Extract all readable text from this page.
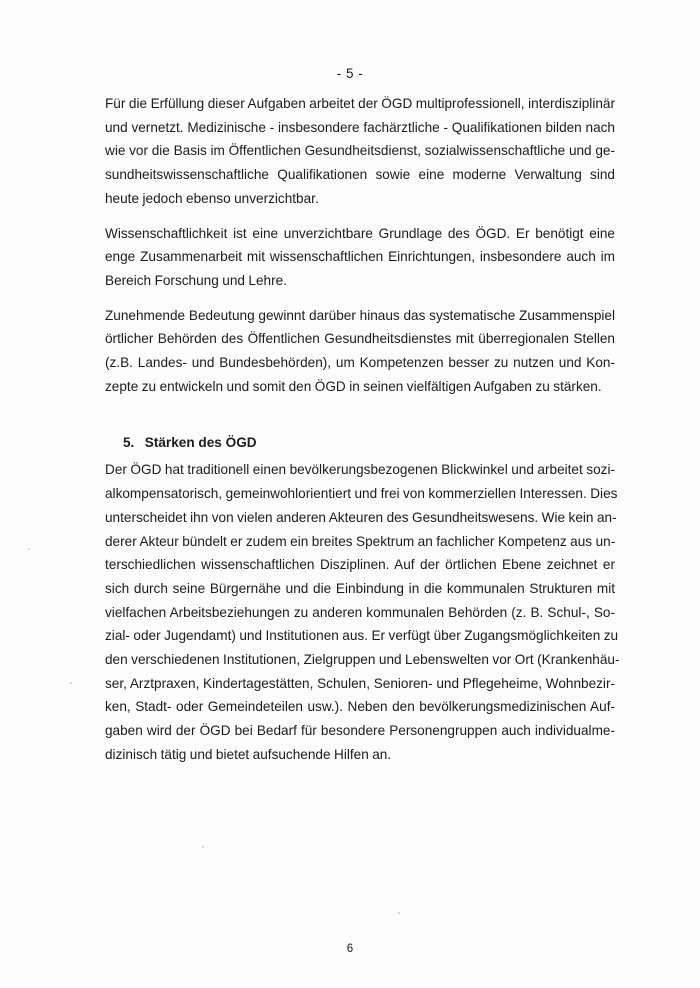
- 5 -
Für die Erfüllung dieser Aufgaben arbeitet der ÖGD multiprofessionell, interdisziplinär
und vernetzt. Medizinische - insbesondere fachärztliche - Qualifikationen bilden nach
wie vor die Basis im Öffentlichen Gesundheitsdienst, sozialwissenschaftliche und ge-
sundheitswissenschaftliche Qualifikationen sowie eine moderne Verwaltung sind
heute jedoch ebenso unverzichtbar.
Wissenschaftlichkeit ist eine unverzichtbare Grundlage des ÖGD. Er benötigt eine
enge Zusammenarbeit mit wissenschaftlichen Einrichtungen, insbesondere auch im
Bereich Forschung und Lehre.
Zunehmende Bedeutung gewinnt darüber hinaus das systematische Zusammenspiel
örtlicher Behörden des Öffentlichen Gesundheitsdienstes mit überregionalen Stellen
(z.B. Landes- und Bundesbehörden), um Kompetenzen besser zu nutzen und Kon-
zepte zu entwickeln und somit den ÖGD in seinen vielfältigen Aufgaben zu stärken.
5. Stärken des ÖGD
Der ÖGD hat traditionell einen bevölkerungsbezogenen Blickwinkel und arbeitet sozi-
alkompensatorisch, gemeinwohlorientiert und frei von kommerziellen Interessen. Dies
unterscheidet ihn von vielen anderen Akteuren des Gesundheitswesens. Wie kein an-
derer Akteur bündelt er zudem ein breites Spektrum an fachlicher Kompetenz aus un-
terschiedlichen wissenschaftlichen Disziplinen. Auf der örtlichen Ebene zeichnet er
sich durch seine Bürgernähe und die Einbindung in die kommunalen Strukturen mit
vielfachen Arbeitsbeziehungen zu anderen kommunalen Behörden (z. B. Schul-, So-
zial- oder Jugendamt) und Institutionen aus. Er verfügt über Zugangsmöglichkeiten zu
den verschiedenen Institutionen, Zielgruppen und Lebenswelten vor Ort (Krankenhäu-
ser, Arztpraxen, Kindertagestätten, Schulen, Senioren- und Pflegeheime, Wohnbezir-
ken, Stadt- oder Gemeindeteilen usw.). Neben den bevölkerungsmedizinischen Auf-
gaben wird der ÖGD bei Bedarf für besondere Personengruppen auch individualme-
dizinisch tätig und bietet aufsuchende Hilfen an.
6
